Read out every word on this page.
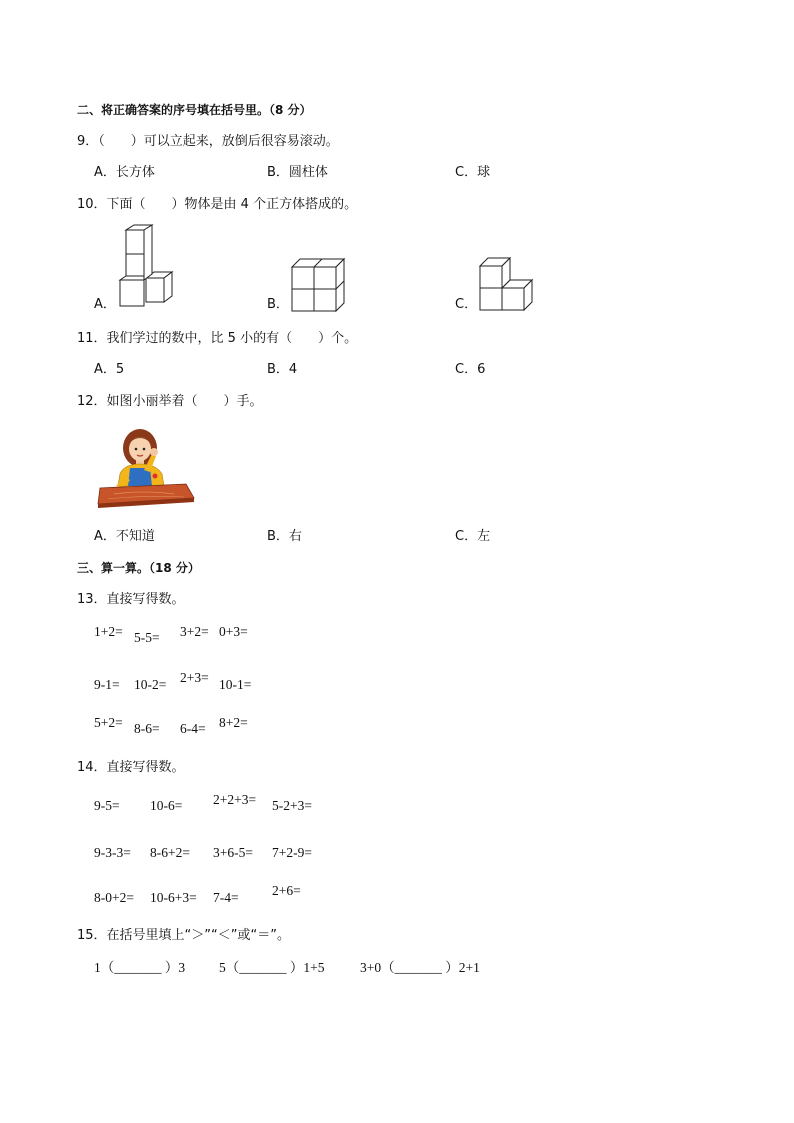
二、将正确答案的序号填在括号里。（8 分）
9．（　　）可以立起来，放倒后很容易滚动。
A．长方体	B．圆柱体	C．球
10．下面（　　）物体是由 4 个正方体搭成的。
A．	B．	C．
11．我们学过的数中，比 5 小的有（　　）个。
A．5	B．4	C．6
12．如图小丽举着（　　）手。
A．不知道	B．右	C．左
三、算一算。（18 分）
13．直接写得数。
1+2= 5-5= 3+2= 0+3=
9-1= 10-2= 2+3= 10-1=
5+2= 8-6= 6-4= 8+2=
14．直接写得数。
9-5= 10-6= 2+2+3= 5-2+3=
9-3-3= 8-6+2= 3+6-5= 7+2-9=
8-0+2= 10-6+3= 7-4= 2+6=
15．在括号里填上“＞”“＜”或“＝”。
1（_______ ）3	5（_______ ）1+5	3+0（_______ ）2+1
